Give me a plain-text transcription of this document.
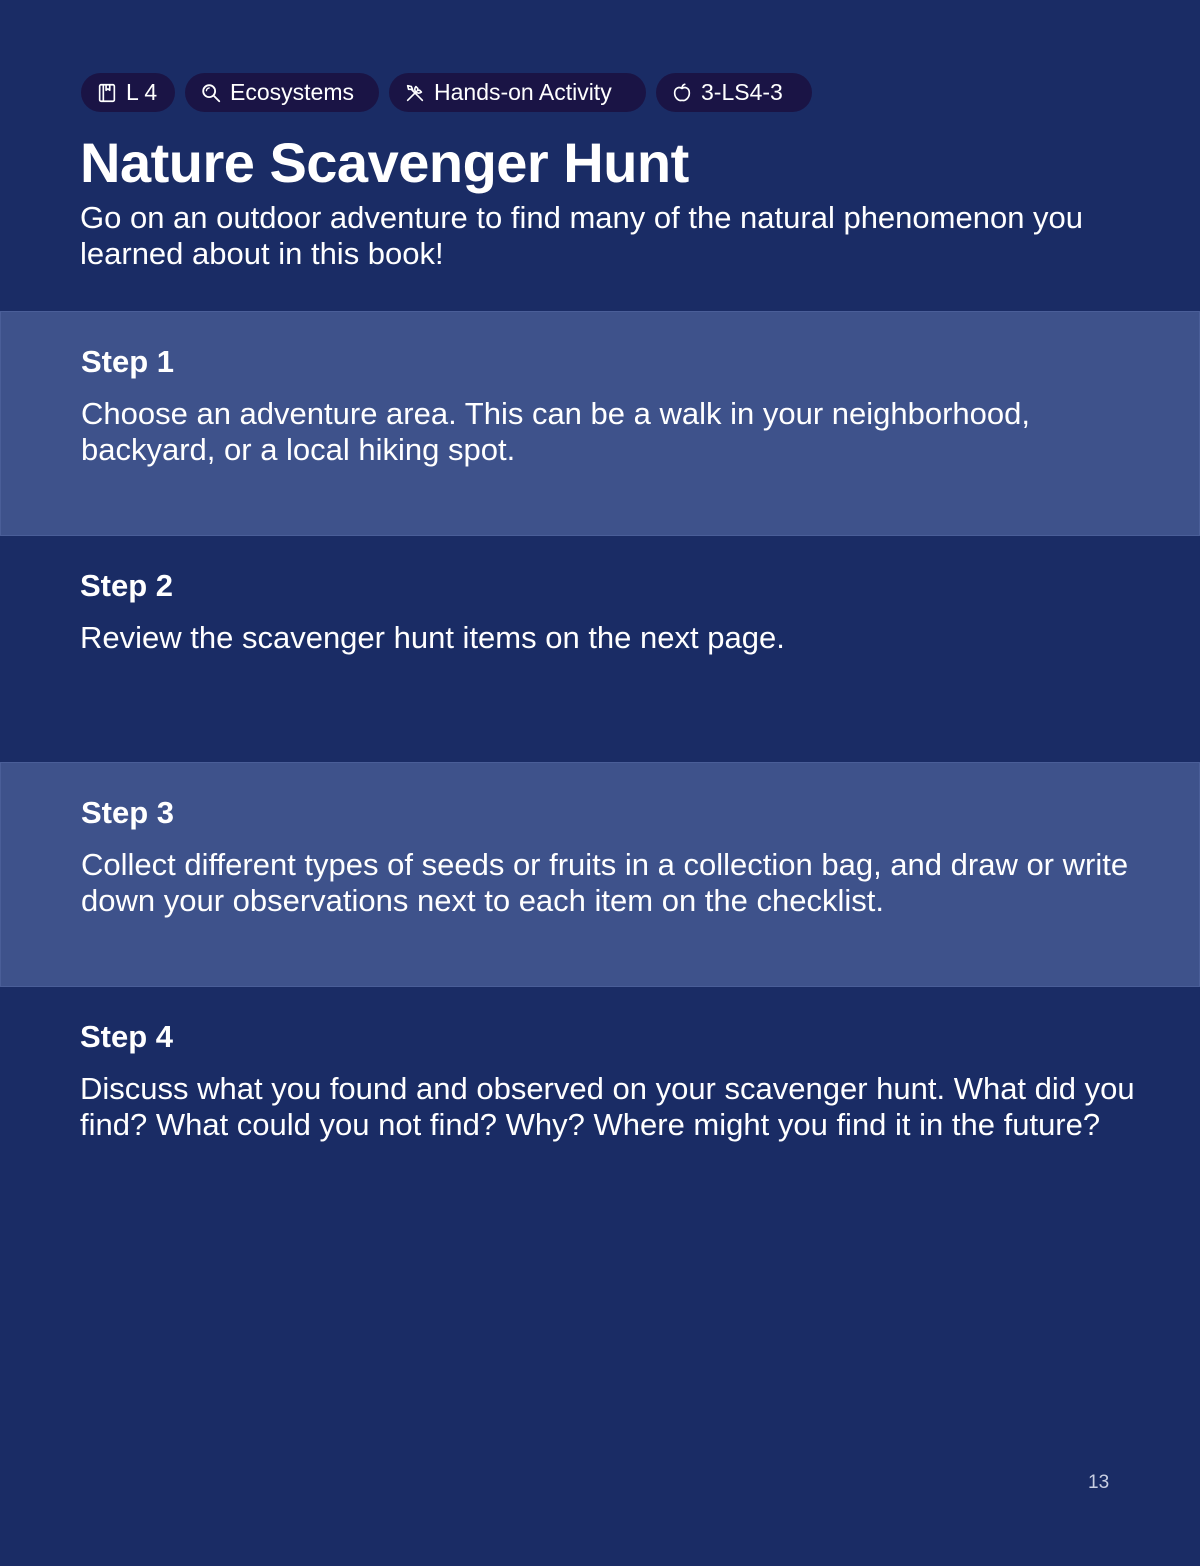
L 4	Ecosystems	Hands-on Activity	3-LS4-3
Nature Scavenger Hunt

Go on an outdoor adventure to find many of the natural phenomenon you learned about in this book!

Step 1

Choose an adventure area. This can be a walk in your neighborhood, backyard, or a local hiking spot.

Step 2

Review the scavenger hunt items on the next page.

Step 3

Collect different types of seeds or fruits in a collection bag, and draw or write down your observations next to each item on the checklist.

Step 4

Discuss what you found and observed on your scavenger hunt. What did you find? What could you not find? Why? Where might you find it in the future?

13
